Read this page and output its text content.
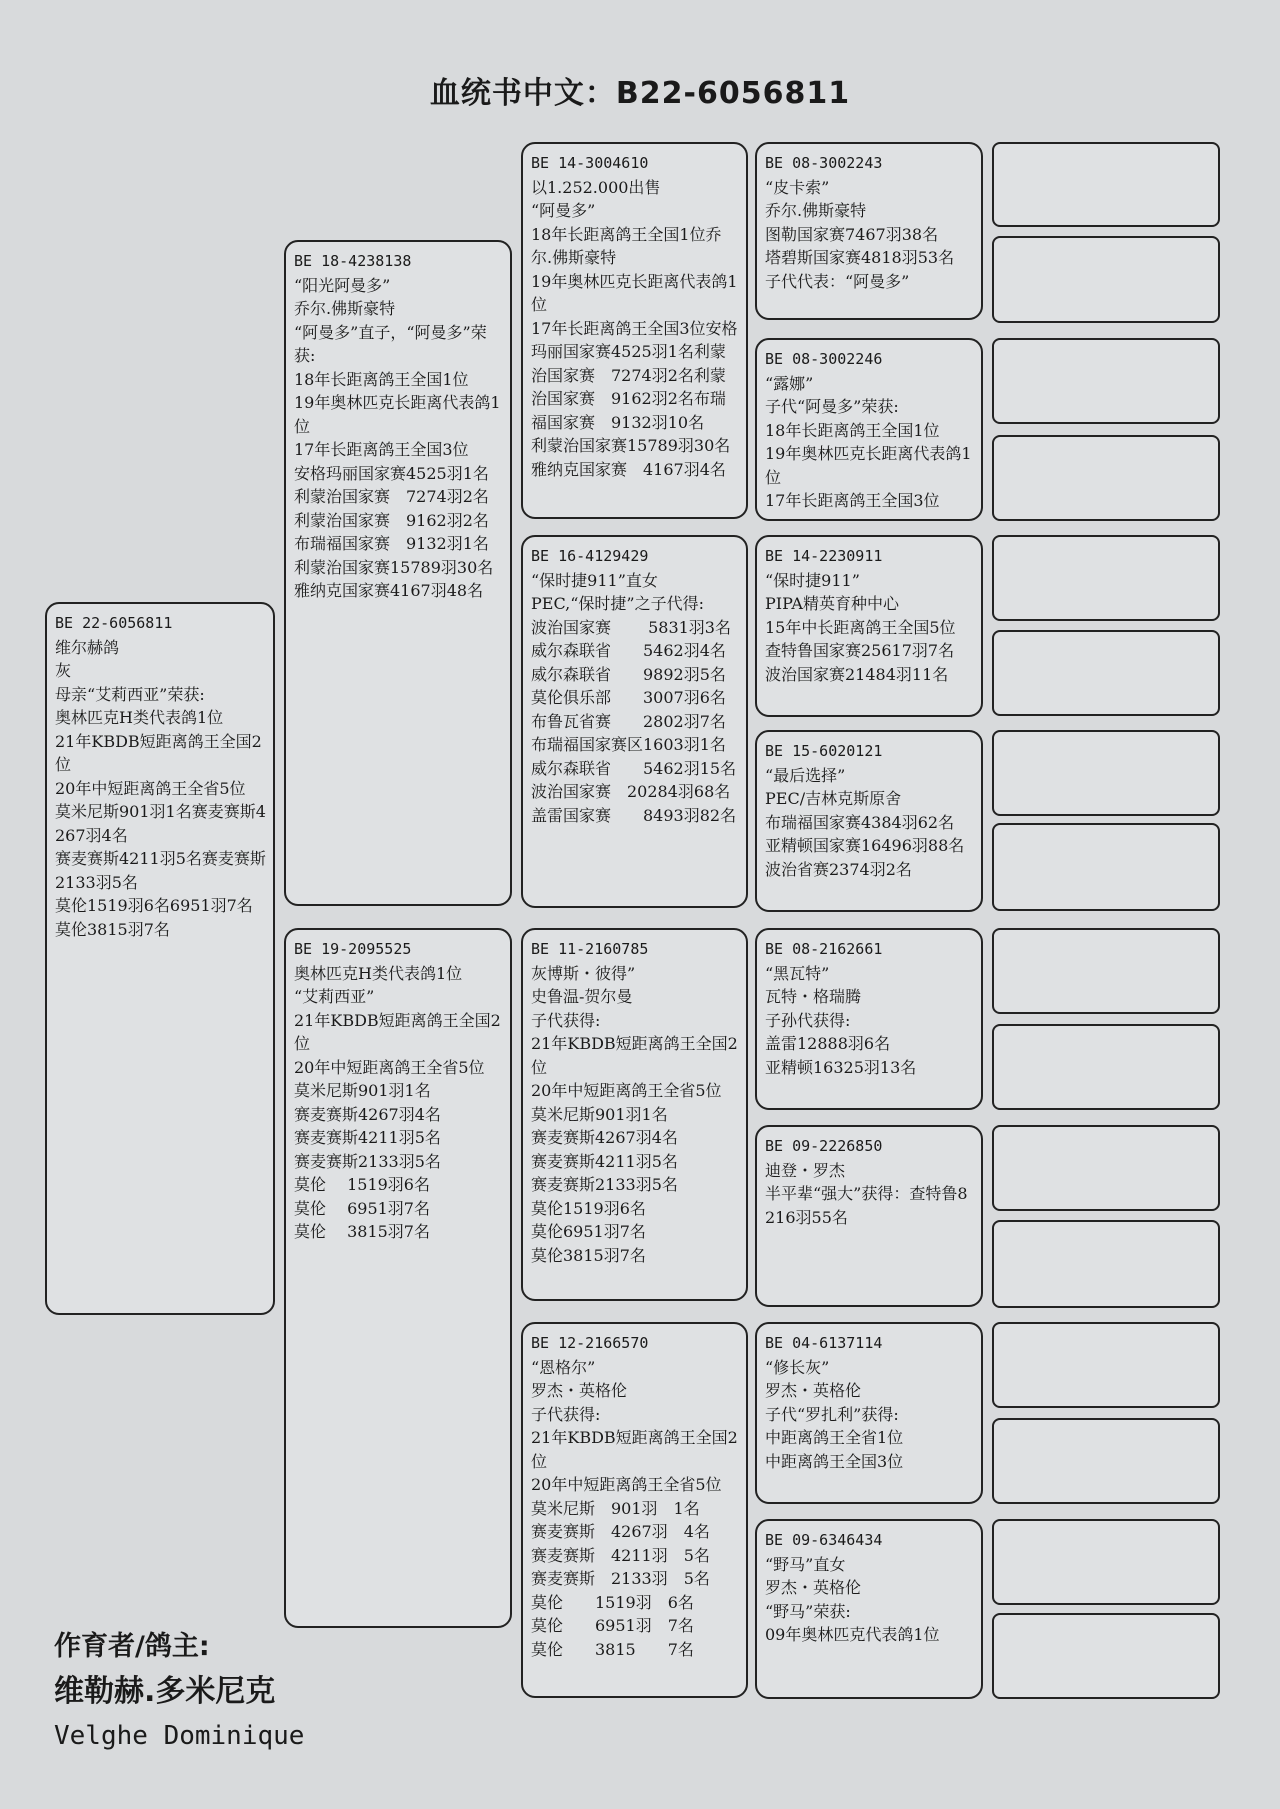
血统书中文：B22-6056811
BE 22-6056811
维尔赫鸽
灰
母亲“艾莉西亚”荣获:
奥林匹克H类代表鸽1位
21年KBDB短距离鸽王全国2位
20年中短距离鸽王全省5位
莫米尼斯901羽1名赛麦赛斯4267羽4名
赛麦赛斯4211羽5名赛麦赛斯2133羽5名
莫伦1519羽6名6951羽7名
莫伦3815羽7名
BE 18-4238138
“阳光阿曼多”
乔尔.佛斯豪特
“阿曼多”直子，“阿曼多”荣获:
18年长距离鸽王全国1位
19年奥林匹克长距离代表鸽1位
17年长距离鸽王全国3位
安格玛丽国家赛4525羽1名
利蒙治国家赛　7274羽2名
利蒙治国家赛　9162羽2名
布瑞福国家赛　9132羽1名
利蒙治国家赛15789羽30名
雅纳克国家赛4167羽48名
BE 19-2095525
奥林匹克H类代表鸽1位
“艾莉西亚”
21年KBDB短距离鸽王全国2位
20年中短距离鸽王全省5位
莫米尼斯901羽1名
赛麦赛斯4267羽4名
赛麦赛斯4211羽5名
赛麦赛斯2133羽5名
莫伦　 1519羽6名
莫伦　 6951羽7名
莫伦　 3815羽7名
BE 14-3004610
以1.252.000出售
“阿曼多”
18年长距离鸽王全国1位乔尔.佛斯豪特
19年奥林匹克长距离代表鸽1位
17年长距离鸽王全国3位安格玛丽国家赛4525羽1名利蒙治国家赛　7274羽2名利蒙治国家赛　9162羽2名布瑞福国家赛　9132羽10名
利蒙治国家赛15789羽30名
雅纳克国家赛　4167羽4名
BE 16-4129429
“保时捷911”直女
PEC,“保时捷”之子代得:
波治国家赛　　 5831羽3名
威尔森联省　　5462羽4名
威尔森联省　　9892羽5名
莫伦俱乐部　　3007羽6名
布鲁瓦省赛　　2802羽7名
布瑞福国家赛区1603羽1名
威尔森联省　　5462羽15名
波治国家赛　20284羽68名
盖雷国家赛　　8493羽82名
BE 11-2160785
灰博斯・彼得”
史鲁温-贺尔曼
子代获得:
21年KBDB短距离鸽王全国2位
20年中短距离鸽王全省5位
莫米尼斯901羽1名
赛麦赛斯4267羽4名
赛麦赛斯4211羽5名
赛麦赛斯2133羽5名
莫伦1519羽6名
莫伦6951羽7名
莫伦3815羽7名
BE 12-2166570
“恩格尔”
罗杰・英格伦
子代获得:
21年KBDB短距离鸽王全国2位
20年中短距离鸽王全省5位
莫米尼斯　901羽　1名
赛麦赛斯　4267羽　4名
赛麦赛斯　4211羽　5名
赛麦赛斯　2133羽　5名
莫伦　　1519羽　6名
莫伦　　6951羽　7名
莫伦　　3815　　7名
BE 08-3002243
“皮卡索”
乔尔.佛斯豪特
图勒国家赛7467羽38名
塔碧斯国家赛4818羽53名
子代代表：“阿曼多”
BE 08-3002246
“露娜”
子代“阿曼多”荣获:
18年长距离鸽王全国1位
19年奥林匹克长距离代表鸽1位
17年长距离鸽王全国3位
BE 14-2230911
“保时捷911”
PIPA精英育种中心
15年中长距离鸽王全国5位
查特鲁国家赛25617羽7名
波治国家赛21484羽11名
BE 15-6020121
“最后选择”
PEC/吉林克斯原舍
布瑞福国家赛4384羽62名
亚精顿国家赛16496羽88名
波治省赛2374羽2名
BE 08-2162661
“黑瓦特”
瓦特・格瑞腾
子孙代获得:
盖雷12888羽6名
亚精顿16325羽13名
BE 09-2226850
迪登・罗杰
半平辈“强大”获得：查特鲁8216羽55名
BE 04-6137114
“修长灰”
罗杰・英格伦
子代“罗扎利”获得:
中距离鸽王全省1位
中距离鸽王全国3位
BE 09-6346434
“野马”直女
罗杰・英格伦
“野马”荣获:
09年奥林匹克代表鸽1位
作育者/鸽主:
维勒赫.多米尼克
Velghe Dominique
